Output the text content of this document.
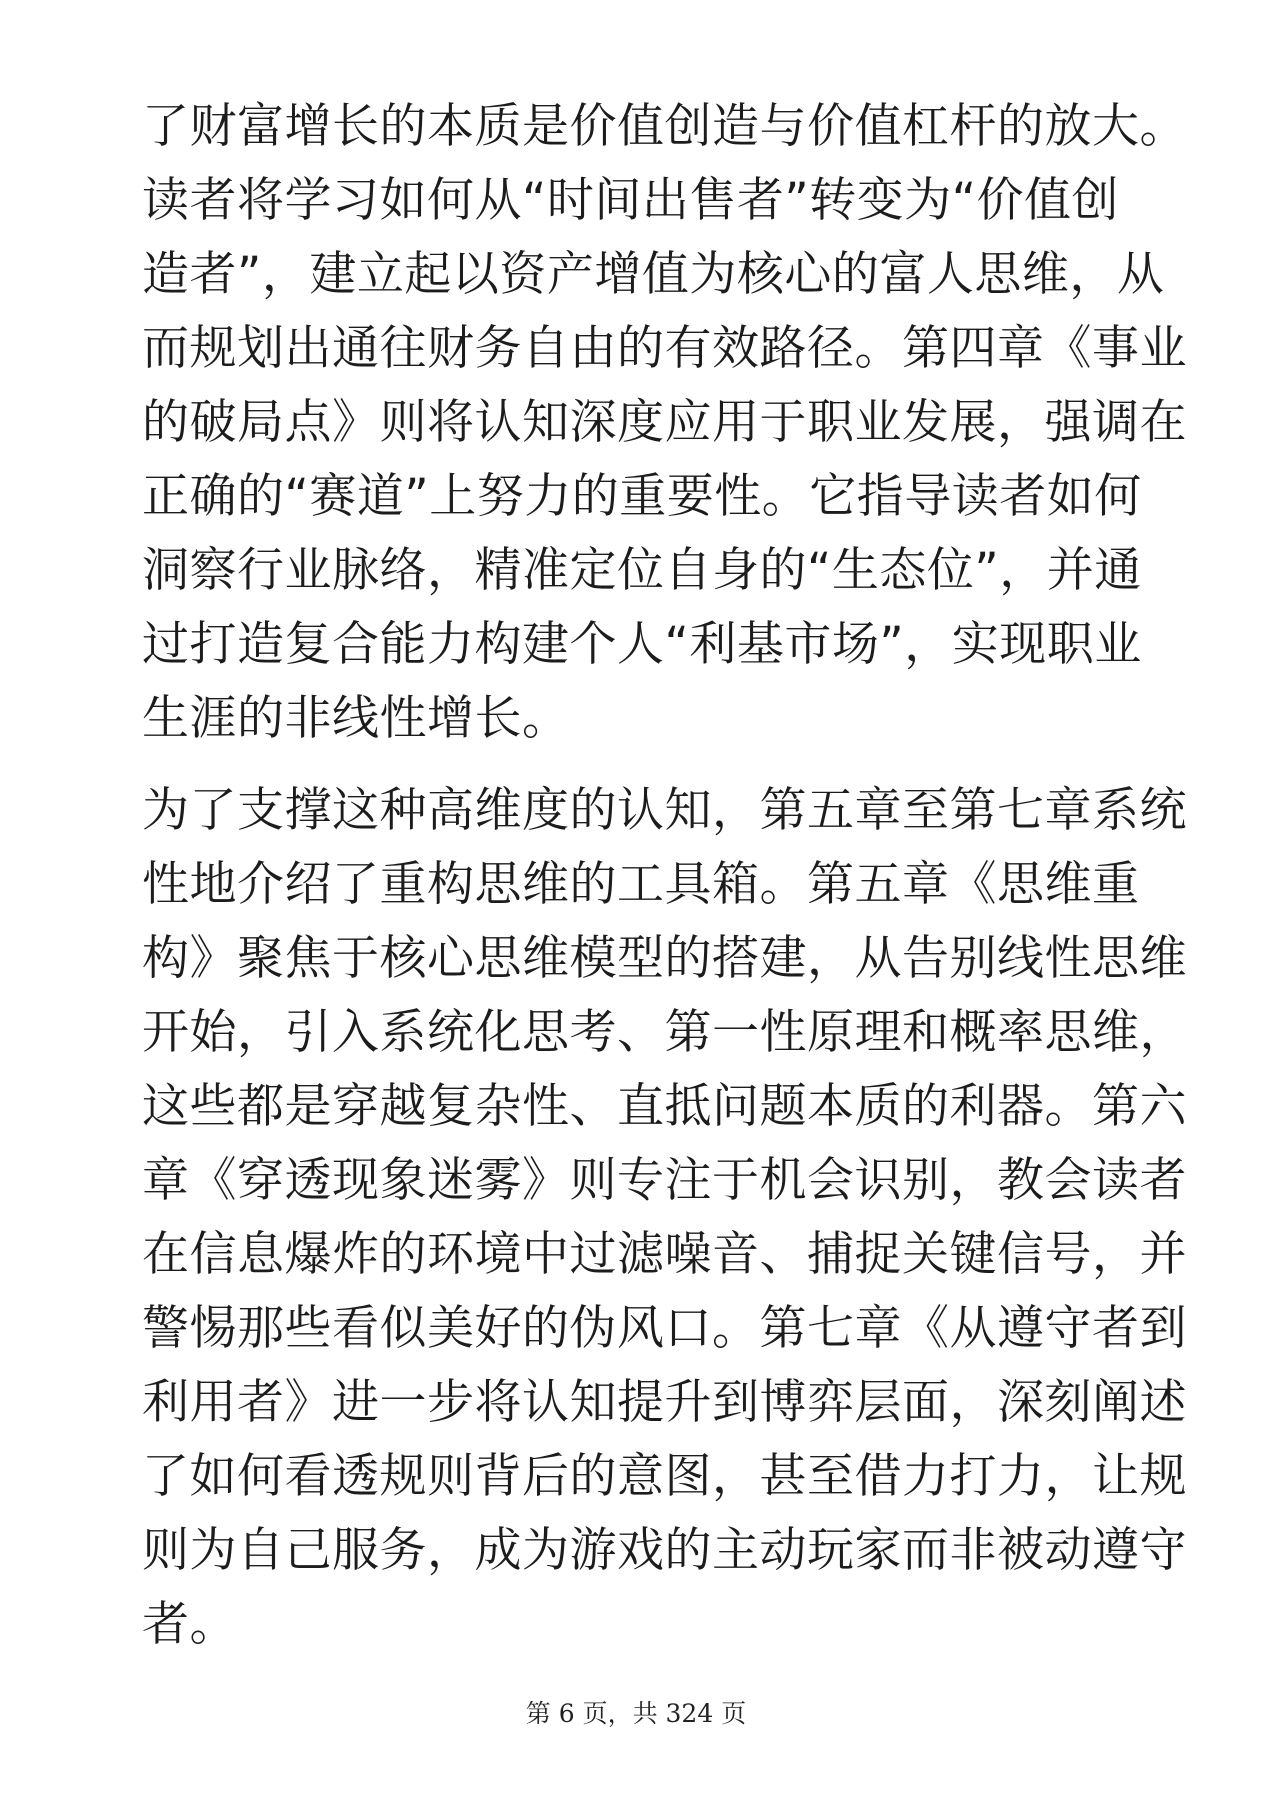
了财富增长的本质是价值创造与价值杠杆的放大。
读者将学习如何从“时间出售者”转变为“价值创
造者”，建立起以资产增值为核心的富人思维，从
而规划出通往财务自由的有效路径。第四章《事业
的破局点》则将认知深度应用于职业发展，强调在
正确的“赛道”上努力的重要性。它指导读者如何
洞察行业脉络，精准定位自身的“生态位”，并通
过打造复合能力构建个人“利基市场”，实现职业
生涯的非线性增长。
为了支撑这种高维度的认知，第五章至第七章系统
性地介绍了重构思维的工具箱。第五章《思维重
构》聚焦于核心思维模型的搭建，从告别线性思维
开始，引入系统化思考、第一性原理和概率思维，
这些都是穿越复杂性、直抵问题本质的利器。第六
章《穿透现象迷雾》则专注于机会识别，教会读者
在信息爆炸的环境中过滤噪音、捕捉关键信号，并
警惕那些看似美好的伪风口。第七章《从遵守者到
利用者》进一步将认知提升到博弈层面，深刻阐述
了如何看透规则背后的意图，甚至借力打力，让规
则为自己服务，成为游戏的主动玩家而非被动遵守
者。
第 6 页，共 324 页
